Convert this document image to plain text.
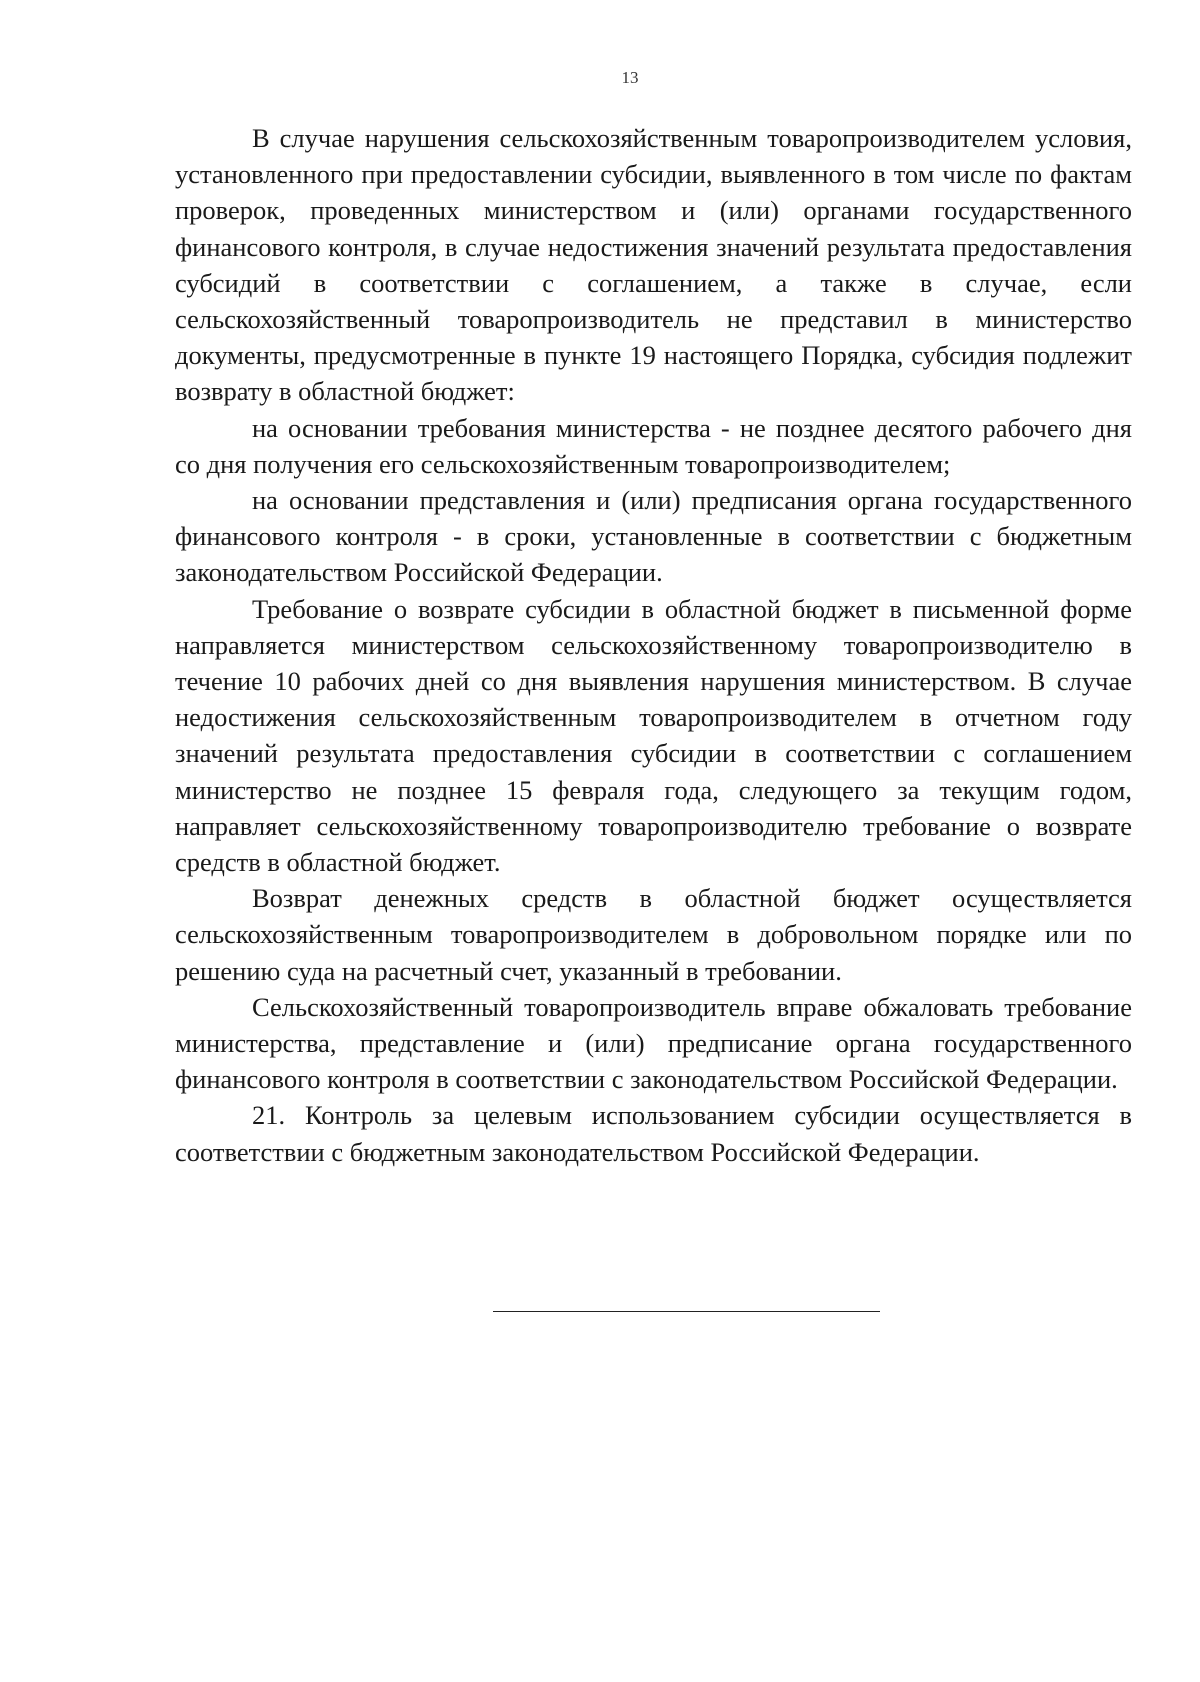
13

В случае нарушения сельскохозяйственным товаропроизводителем условия, установленного при предоставлении субсидии, выявленного в том числе по фактам проверок, проведенных министерством и (или) органами государственного финансового контроля, в случае недостижения значений результата предоставления субсидий в соответствии с соглашением, а также в случае, если сельскохозяйственный товаропроизводитель не представил в министерство документы, предусмотренные в пункте 19 настоящего Порядка, субсидия подлежит возврату в областной бюджет:

на основании требования министерства - не позднее десятого рабочего дня со дня получения его сельскохозяйственным товаропроизводителем;

на основании представления и (или) предписания органа государственного финансового контроля - в сроки, установленные в соответствии с бюджетным законодательством Российской Федерации.

Требование о возврате субсидии в областной бюджет в письменной форме направляется министерством сельскохозяйственному товаропроизводителю в течение 10 рабочих дней со дня выявления нарушения министерством. В случае недостижения сельскохозяйственным товаропроизводителем в отчетном году значений результата предоставления субсидии в соответствии с соглашением министерство не позднее 15 февраля года, следующего за текущим годом, направляет сельскохозяйственному товаропроизводителю требование о возврате средств в областной бюджет.

Возврат денежных средств в областной бюджет осуществляется сельскохозяйственным товаропроизводителем в добровольном порядке или по решению суда на расчетный счет, указанный в требовании.

Сельскохозяйственный товаропроизводитель вправе обжаловать требование министерства, представление и (или) предписание органа государственного финансового контроля в соответствии с законодательством Российской Федерации.

21. Контроль за целевым использованием субсидии осуществляется в соответствии с бюджетным законодательством Российской Федерации.
